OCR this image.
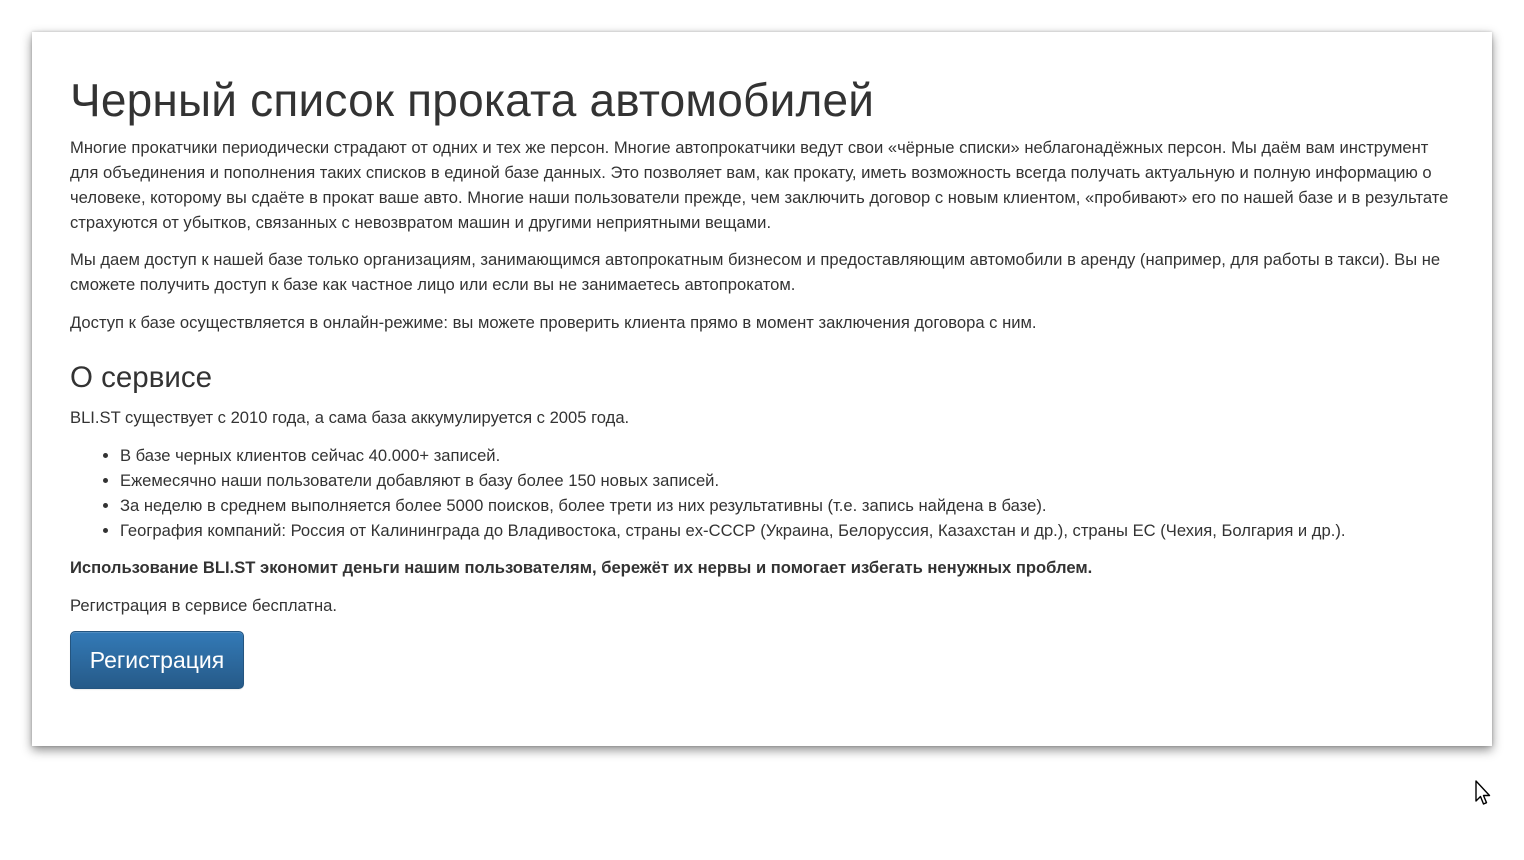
Черный список проката автомобилей

Многие прокатчики периодически страдают от одних и тех же персон. Многие автопрокатчики ведут свои «чёрные списки» неблагонадёжных персон. Мы даём вам инструмент для объединения и пополнения таких списков в единой базе данных. Это позволяет вам, как прокату, иметь возможность всегда получать актуальную и полную информацию о человеке, которому вы сдаёте в прокат ваше авто. Многие наши пользователи прежде, чем заключить договор с новым клиентом, «пробивают» его по нашей базе и в результате страхуются от убытков, связанных с невозвратом машин и другими неприятными вещами.

Мы даем доступ к нашей базе только организациям, занимающимся автопрокатным бизнесом и предоставляющим автомобили в аренду (например, для работы в такси). Вы не сможете получить доступ к базе как частное лицо или если вы не занимаетесь автопрокатом.

Доступ к базе осуществляется в онлайн-режиме: вы можете проверить клиента прямо в момент заключения договора с ним.

О сервисе

BLI.ST существует с 2010 года, а сама база аккумулируется с 2005 года.

• В базе черных клиентов сейчас 40.000+ записей.
• Ежемесячно наши пользователи добавляют в базу более 150 новых записей.
• За неделю в среднем выполняется более 5000 поисков, более трети из них результативны (т.е. запись найдена в базе).
• География компаний: Россия от Калининграда до Владивостока, страны ex-СССР (Украина, Белоруссия, Казахстан и др.), страны ЕС (Чехия, Болгария и др.).

Использование BLI.ST экономит деньги нашим пользователям, бережёт их нервы и помогает избегать ненужных проблем.

Регистрация в сервисе бесплатна.

Регистрация
